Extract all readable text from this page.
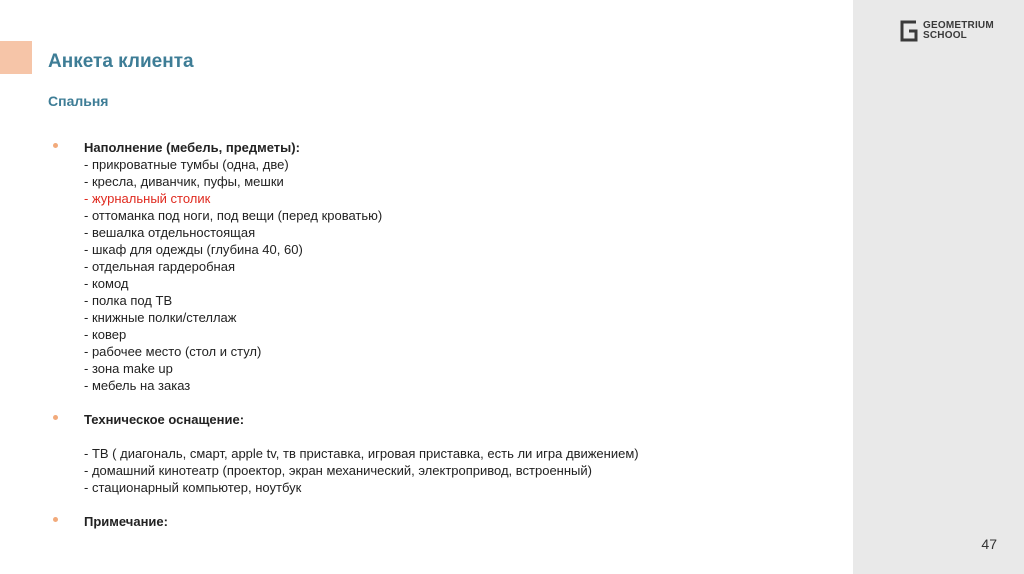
GEOMETRIUM
SCHOOL
47
Анкета клиента
Спальня
Наполнение (мебель, предметы):
- прикроватные тумбы (одна, две)
- кресла, диванчик, пуфы, мешки
- журнальный столик
- оттоманка под ноги, под вещи (перед кроватью)
- вешалка отдельностоящая
- шкаф для одежды (глубина 40, 60)
- отдельная гардеробная
- комод
- полка под ТВ
- книжные полки/стеллаж
- ковер
- рабочее место (стол и стул)
- зона make up
- мебель на заказ
Техническое оснащение:
- ТВ ( диагональ, смарт, apple tv, тв приставка, игровая приставка, есть ли игра движением)
- домашний кинотеатр (проектор, экран механический, электропривод, встроенный)
- стационарный компьютер, ноутбук
Примечание:
